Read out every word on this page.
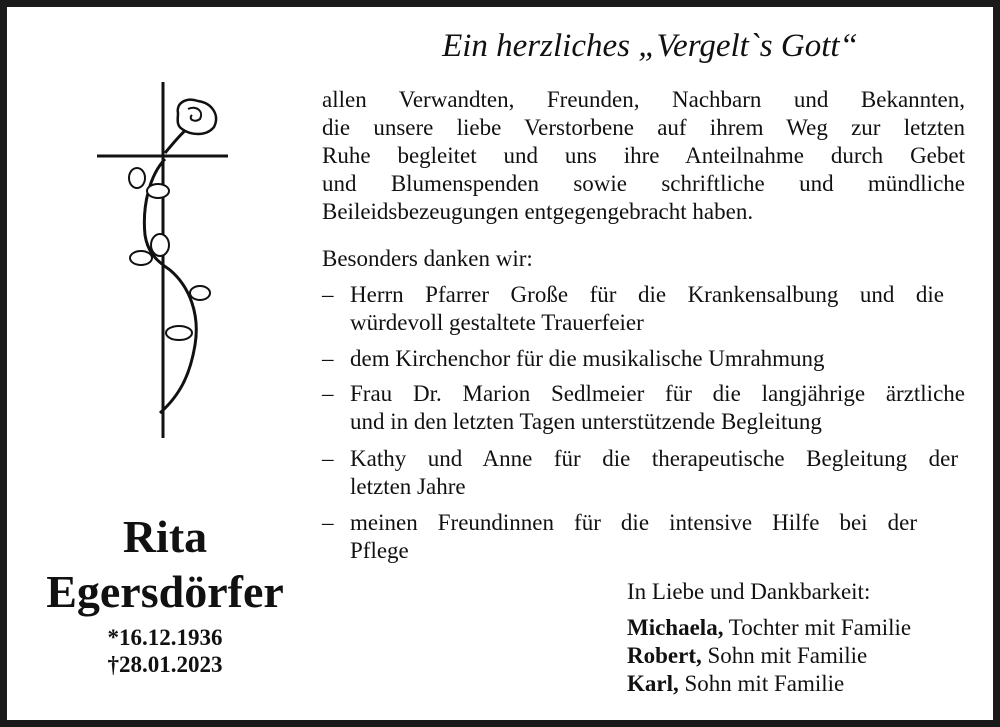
Ein herzliches „Vergelt`s Gott“
allen Verwandten, Freunden, Nachbarn und Bekannten,
die unsere liebe Verstorbene auf ihrem Weg zur letzten
Ruhe begleitet und uns ihre Anteilnahme durch Gebet
und Blumenspenden sowie schriftliche und mündliche
Beileidsbezeugungen entgegengebracht haben.
Besonders danken wir:
– Herrn Pfarrer Große für die Krankensalbung und die
würdevoll gestaltete Trauerfeier
– dem Kirchenchor für die musikalische Umrahmung
– Frau Dr. Marion Sedlmeier für die langjährige ärztliche
und in den letzten Tagen unterstützende Begleitung
– Kathy und Anne für die therapeutische Begleitung der
letzten Jahre
– meinen Freundinnen für die intensive Hilfe bei der
Pflege
Rita
Egersdörfer
*16.12.1936
†28.01.2023
In Liebe und Dankbarkeit:
Michaela, Tochter mit Familie
Robert, Sohn mit Familie
Karl, Sohn mit Familie
